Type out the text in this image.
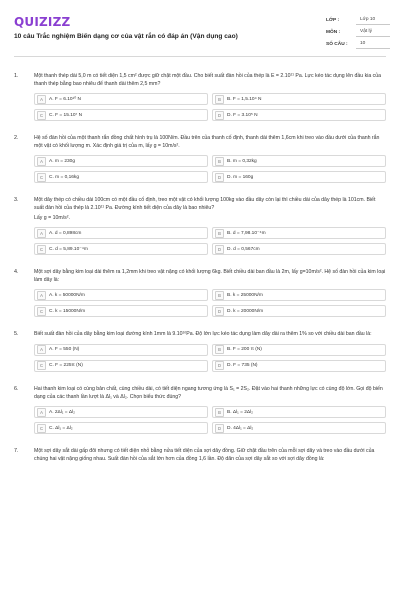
QUIZIZZ
10 câu Trắc nghiệm Biến dạng cơ của vật rắn có đáp án (Vận dụng cao)
LỚP :	Lớp 10
MÔN :	Vật lý
SỐ CÂU :	10
1.	Một thanh thép dài 5,0 m có tiết diện 1,5 cm² được giữ chặt một đầu. Cho biết suất đàn hồi của thép là E = 2.10¹¹ Pa. Lực kéo tác dụng lên đầu kia của thanh thép bằng bao nhiêu để thanh dài thêm 2,5 mm?

A	A. F = 6.10¹⁰ N	B	B. F = 1,5.10⁴ N
C	C. F = 15.10⁷ N	D	D. F = 3.10⁵ N
2.	Hệ số đàn hồi của một thanh rắn đồng chất hình trụ là 100N/m. Đầu trên của thanh cố định, thanh dài thêm 1,6cm khi treo vào đầu dưới của thanh rắn một vật có khối lượng m. Xác định giá trị của m, lấy g = 10m/s².

A	A. m = 230g	B	B. m = 0,32kg
C	C. m = 0,16kg	D	D. m = 160g
3.	Một dây thép có chiều dài 100cm có một đầu cố định, treo một vật có khối lượng 100kg vào đầu dây còn lại thì chiều dài của dây thép là 101cm. Biết suất đàn hồi của thép là 2.10¹¹ Pa. Đường kính tiết diện của dây là bao nhiêu?

Lấy g = 10m/s².

A	A. d = 0,898cm	B	B. d = 7,98.10⁻⁴m
C	C. d = 5,89.10⁻⁴m	D	D. d = 0,567cm
4.	Một sợi dây bằng kim loại dài thêm ra 1,2mm khi treo vật nặng có khối lượng 6kg. Biết chiều dài ban đầu là 2m, lấy g=10m/s². Hệ số đàn hồi của kim loại làm dây là:

A	A. k = 50000N/m	B	B. k = 25000N/m
C	C. k = 15000N/m	D	D. k = 20000N/m
5.	Biết suất đàn hồi của dây bằng kim loại đường kính 1mm là 9.10¹⁰Pa. Độ lớn lực kéo tác dụng làm dây dài ra thêm 1% so với chiều dài ban đầu là:

A	A. F = 550 (N)	B	B. F = 200 π (N)
C	C. F = 225π (N)	D	D. F = 735 (N)
6.	Hai thanh kim loại có cùng bản chất, cùng chiều dài, có tiết diện ngang tương ứng là S₁ = 2S₂. Đặt vào hai thanh những lực có cùng độ lớn. Gọi độ biến dạng của các thanh lần lượt là Δl₁ và Δl₂. Chọn biểu thức đúng?

A	A. 2Δl₁ = Δl₂	B	B. Δl₁ = 2Δl₂
C	C. Δl₁ = Δl₂	D	D. 4Δl₁ = Δl₂
7.	Một sợi dây sắt dài gấp đôi nhưng có tiết diện nhỏ bằng nửa tiết diện của sợi dây đồng. Giữ chặt đầu trên của mỗi sợi dây và treo vào đầu dưới của chúng hai vật nặng giống nhau. Suất đàn hồi của sắt lớn hơn của đồng 1,6 lần. Độ dãn của sợi dây sắt so với sợi dây đồng là:
